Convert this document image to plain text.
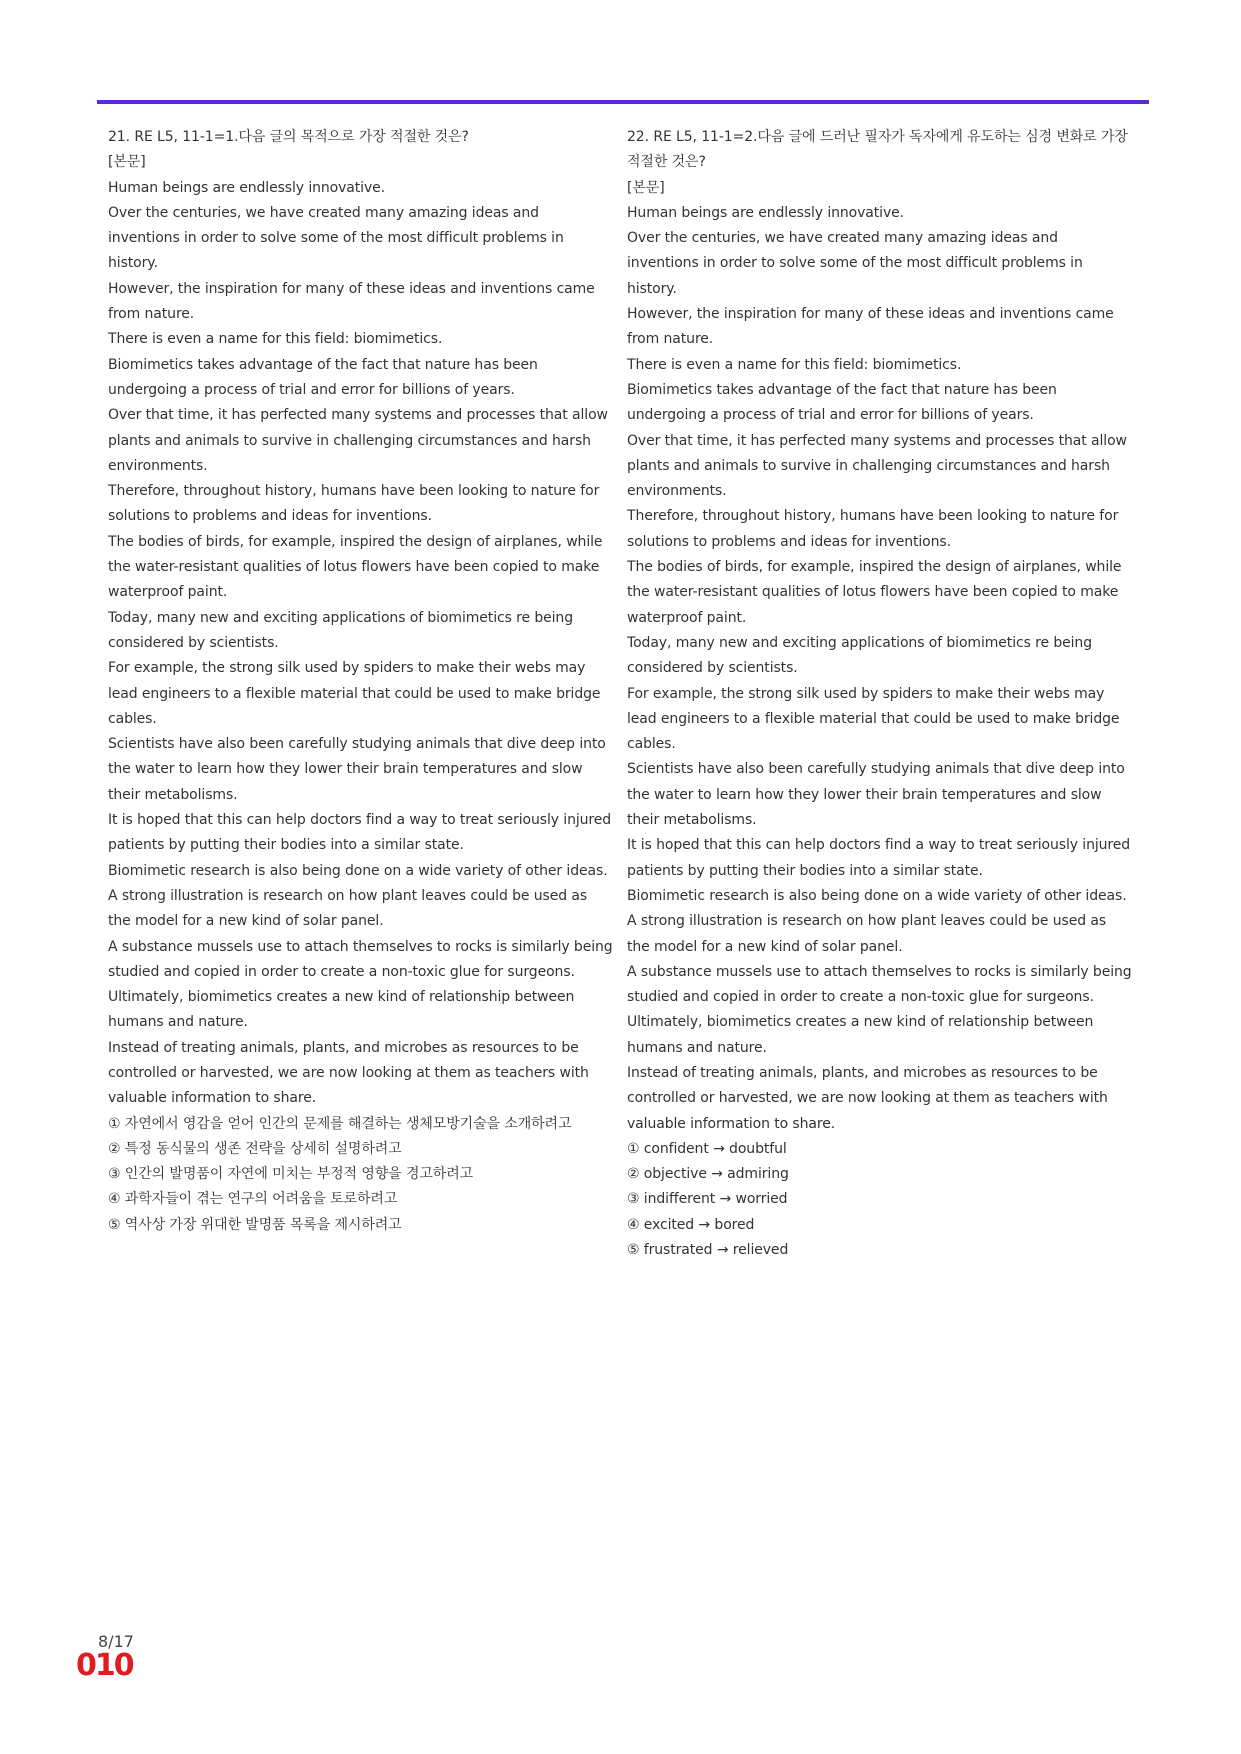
21. RE L5, 11-1=1.다음 글의 목적으로 가장 적절한 것은?

[본문]

Human beings are endlessly innovative.

Over the centuries, we have created many amazing ideas and inventions in order to solve some of the most difficult problems in history.

However, the inspiration for many of these ideas and inventions came from nature.

There is even a name for this field: biomimetics.

Biomimetics takes advantage of the fact that nature has been undergoing a process of trial and error for billions of years.

Over that time, it has perfected many systems and processes that allow plants and animals to survive in challenging circumstances and harsh environments.

Therefore, throughout history, humans have been looking to nature for solutions to problems and ideas for inventions.

The bodies of birds, for example, inspired the design of airplanes, while the water-resistant qualities of lotus flowers have been copied to make waterproof paint.

Today, many new and exciting applications of biomimetics re being considered by scientists.

For example, the strong silk used by spiders to make their webs may lead engineers to a flexible material that could be used to make bridge cables.

Scientists have also been carefully studying animals that dive deep into the water to learn how they lower their brain temperatures and slow their metabolisms.

It is hoped that this can help doctors find a way to treat seriously injured patients by putting their bodies into a similar state.

Biomimetic research is also being done on a wide variety of other ideas.

A strong illustration is research on how plant leaves could be used as the model for a new kind of solar panel.

A substance mussels use to attach themselves to rocks is similarly being studied and copied in order to create a non-toxic glue for surgeons.

Ultimately, biomimetics creates a new kind of relationship between humans and nature.

Instead of treating animals, plants, and microbes as resources to be controlled or harvested, we are now looking at them as teachers with valuable information to share.

① 자연에서 영감을 얻어 인간의 문제를 해결하는 생체모방기술을 소개하려고

② 특정 동식물의 생존 전략을 상세히 설명하려고

③ 인간의 발명품이 자연에 미치는 부정적 영향을 경고하려고

④ 과학자들이 겪는 연구의 어려움을 토로하려고

⑤ 역사상 가장 위대한 발명품 목록을 제시하려고

22. RE L5, 11-1=2.다음 글에 드러난 필자가 독자에게 유도하는 심경 변화로 가장 적절한 것은?

[본문]

Human beings are endlessly innovative.

Over the centuries, we have created many amazing ideas and inventions in order to solve some of the most difficult problems in history.

However, the inspiration for many of these ideas and inventions came from nature.

There is even a name for this field: biomimetics.

Biomimetics takes advantage of the fact that nature has been undergoing a process of trial and error for billions of years.

Over that time, it has perfected many systems and processes that allow plants and animals to survive in challenging circumstances and harsh environments.

Therefore, throughout history, humans have been looking to nature for solutions to problems and ideas for inventions.

The bodies of birds, for example, inspired the design of airplanes, while the water-resistant qualities of lotus flowers have been copied to make waterproof paint.

Today, many new and exciting applications of biomimetics re being considered by scientists.

For example, the strong silk used by spiders to make their webs may lead engineers to a flexible material that could be used to make bridge cables.

Scientists have also been carefully studying animals that dive deep into the water to learn how they lower their brain temperatures and slow their metabolisms.

It is hoped that this can help doctors find a way to treat seriously injured patients by putting their bodies into a similar state.

Biomimetic research is also being done on a wide variety of other ideas.

A strong illustration is research on how plant leaves could be used as the model for a new kind of solar panel.

A substance mussels use to attach themselves to rocks is similarly being studied and copied in order to create a non-toxic glue for surgeons.

Ultimately, biomimetics creates a new kind of relationship between humans and nature.

Instead of treating animals, plants, and microbes as resources to be controlled or harvested, we are now looking at them as teachers with valuable information to share.

① confident → doubtful

② objective → admiring

③ indifferent → worried

④ excited → bored

⑤ frustrated → relieved

8/17
010
